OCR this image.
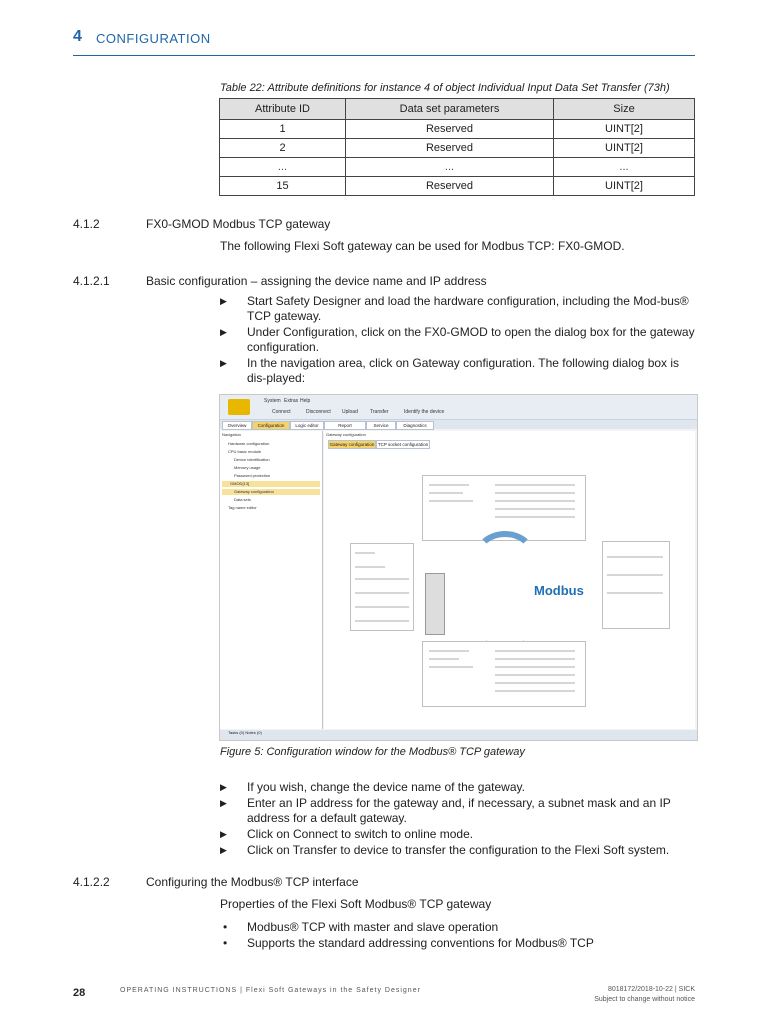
4 CONFIGURATION
Table 22: Attribute definitions for instance 4 of object Individual Input Data Set Transfer (73h)
Attribute ID	Data set parameters	Size
1	Reserved	UINT[2]
2	Reserved	UINT[2]
...	...	...
15	Reserved	UINT[2]
4.1.2	FX0-GMOD Modbus TCP gateway
The following Flexi Soft gateway can be used for Modbus TCP: FX0-GMOD.
4.1.2.1	Basic configuration – assigning the device name and IP address
▶ Start Safety Designer and load the hardware configuration, including the Mod-bus® TCP gateway.
▶ Under Configuration, click on the FX0-GMOD to open the dialog box for the gateway configuration.
▶ In the navigation area, click on Gateway configuration. The following dialog box is dis-played:
System Extras Help
Connect	Disconnect Upload Transfer	Identify the device
Overview	Configuration	Logic editor	Report	Service	Diagnostics
Navigation
Hardware configuration
CPU basic module
Device identification
Memory usage
Password protection
GMOD[13]
Gateway configuration
Data sets
Tag name editor
Gateway configuration
Gateway configuration TCP socket configuration
Modbus
Tasks (0) Notes (0)
Figure 5: Configuration window for the Modbus® TCP gateway
▶ If you wish, change the device name of the gateway.
▶ Enter an IP address for the gateway and, if necessary, a subnet mask and an IP address for a default gateway.
▶ Click on Connect to switch to online mode.
▶ Click on Transfer to device to transfer the configuration to the Flexi Soft system.
4.1.2.2	Configuring the Modbus® TCP interface
Properties of the Flexi Soft Modbus® TCP gateway
• Modbus® TCP with master and slave operation
• Supports the standard addressing conventions for Modbus® TCP
28	OPERATING INSTRUCTIONS | Flexi Soft Gateways in the Safety Designer	8018172/2018-10-22 | SICK
Subject to change without notice
